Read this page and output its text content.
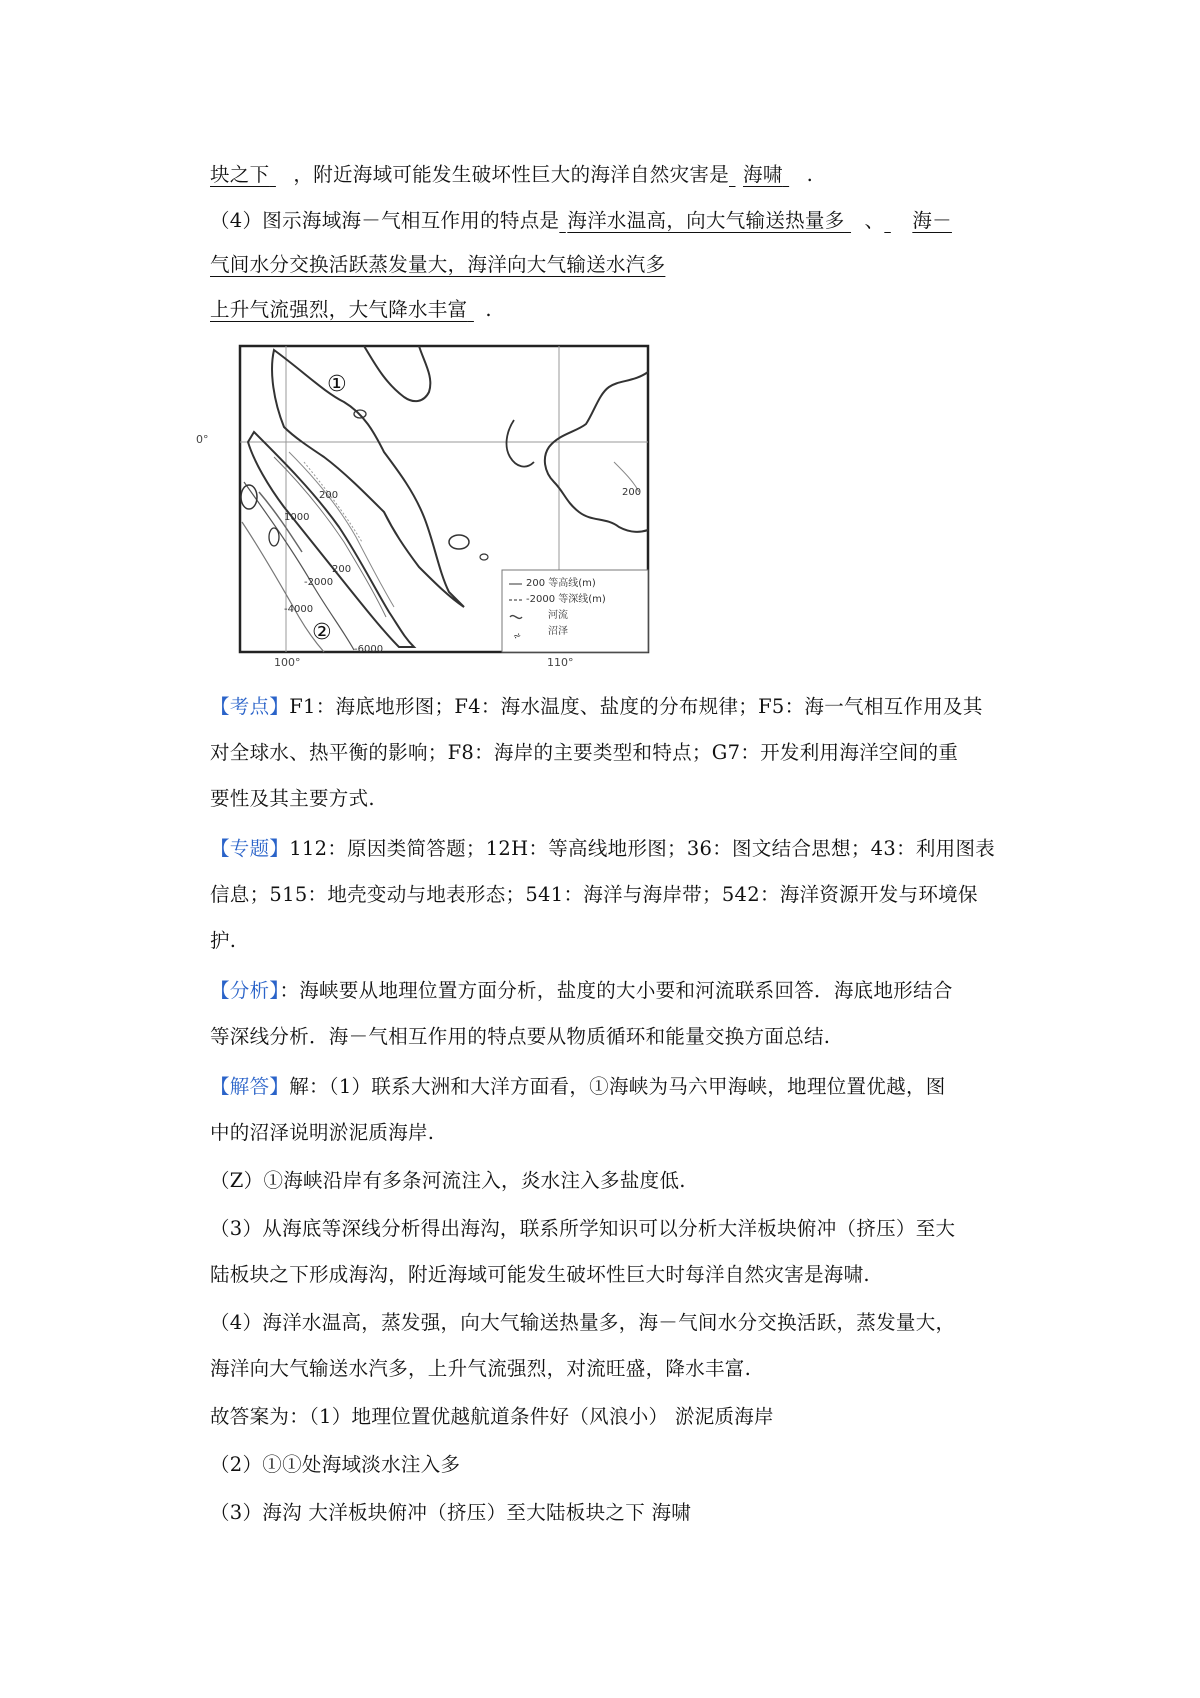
块之下 ，附近海域可能发生破坏性巨大的海洋自然灾害是 海啸 .
（4）图示海域海－气相互作用的特点是 海洋水温高，向大气输送热量多 、 海－
气间水分交换活跃蒸发量大，海洋向大气输送水汽多
上升气流强烈，大气降水丰富 .
⩫
①
②
0°
100°	110°
200
1000
200
200
-2000
-4000
-6000
200 等高线(m)
-2000 等深线(m)
河流
沼泽
【考点】F1：海底地形图；F4：海水温度、盐度的分布规律；F5：海一气相互作用及其
对全球水、热平衡的影响；F8：海岸的主要类型和特点；G7：开发利用海洋空间的重
要性及其主要方式.
【专题】112：原因类简答题；12H：等高线地形图；36：图文结合思想；43：利用图表
信息；515：地壳变动与地表形态；541：海洋与海岸带；542：海洋资源开发与环境保
护.
【分析】：海峡要从地理位置方面分析，盐度的大小要和河流联系回答．海底地形结合
等深线分析．海－气相互作用的特点要从物质循环和能量交换方面总结.
【解答】解：（1）联系大洲和大洋方面看，①海峡为马六甲海峡，地理位置优越，图
中的沼泽说明淤泥质海岸.
（Z）①海峡沿岸有多条河流注入，炎水注入多盐度低.
（3）从海底等深线分析得出海沟，联系所学知识可以分析大洋板块俯冲（挤压）至大
陆板块之下形成海沟，附近海域可能发生破坏性巨大时每洋自然灾害是海啸.
（4）海洋水温高，蒸发强，向大气输送热量多，海－气间水分交换活跃，蒸发量大，
海洋向大气输送水汽多，上升气流强烈，对流旺盛，降水丰富.
故答案为：（1）地理位置优越航道条件好（风浪小） 淤泥质海岸
（2）①①处海域淡水注入多
（3）海沟 大洋板块俯冲（挤压）至大陆板块之下 海啸
